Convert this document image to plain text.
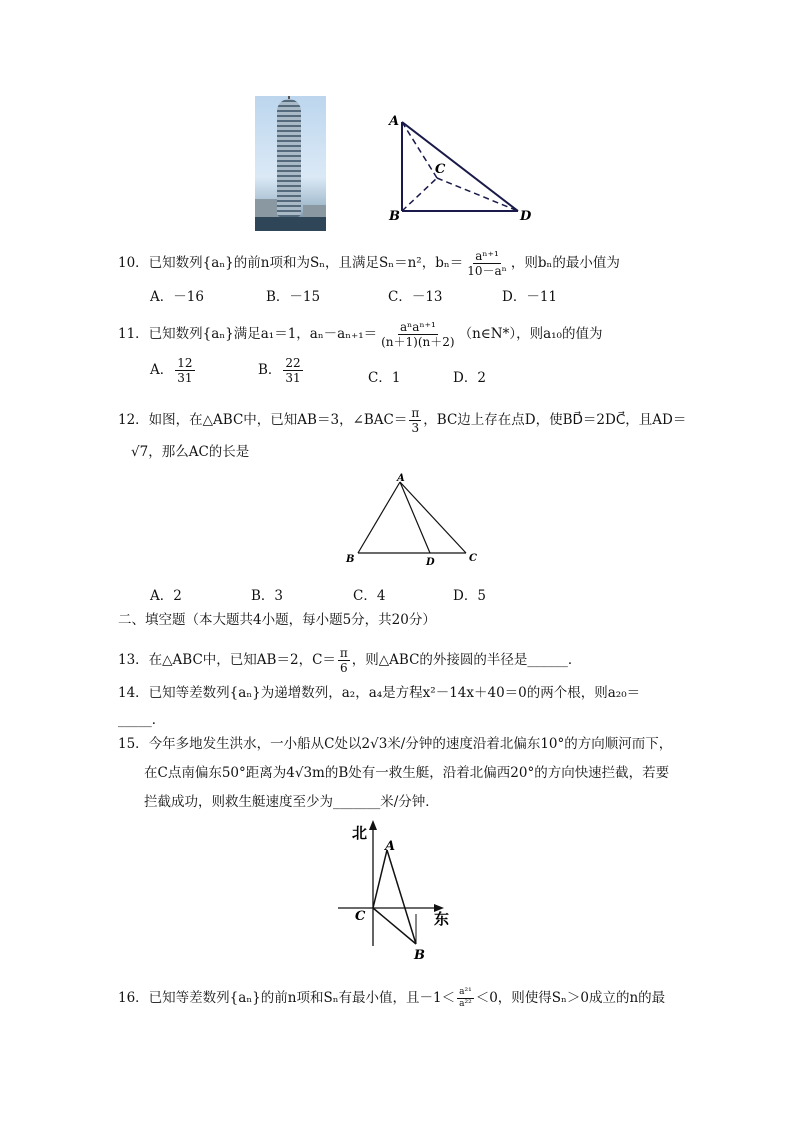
A
B
C
D
10．已知数列{aₙ}的前n项和为Sₙ，且满足Sₙ＝n²，$b_n= \frac{\text{aⁿ⁺¹}}{\text{10－aⁿ}}$ ，则bₙ的最小值为
A．－16	B．－15	C．－13	D．－11
11．已知数列{aₙ}满足a₁＝1，$a_n-a_{n+1}= \frac{\text{aⁿaⁿ⁺¹}}{(n+1)(n+2)}$ （n∈N*），则a₁₀的值为
A． $\frac{12}{31}$	B． $\frac{22}{31}$	C．1	D．2
12．如图，在△ABC中，已知AB＝3，∠BAC＝ $\frac{\pi}{3}$ ，BC边上存在点D，使BD⃗＝2DC⃗，且AD＝
√7，那么AC的长是
A
B	D	C
A．2	B．3	C．4	D．5
二、填空题（本大题共4小题，每小题5分，共20分）
13．在△ABC中，已知AB＝2，$C= \frac{\pi}{6}$ ，则△ABC的外接圆的半径是______．
14．已知等差数列{aₙ}为递增数列，a₂，a₄是方程x²－14x＋40＝0的两个根，则a₂₀＝
_____．
15．今年多地发生洪水，一小船从C处以2√3米/分钟的速度沿着北偏东10°的方向顺河而下，
在C点南偏东50°距离为4√3m的B处有一救生艇，沿着北偏西20°的方向快速拦截，若要
拦截成功，则救生艇速度至少为_______米/分钟．
北
东
A
C
B
16．已知等差数列{aₙ}的前n项和Sₙ有最小值，且$-1< \frac{\text{a²¹}}{\text{a²²}} <0$，则使得Sₙ＞0成立的n的最
